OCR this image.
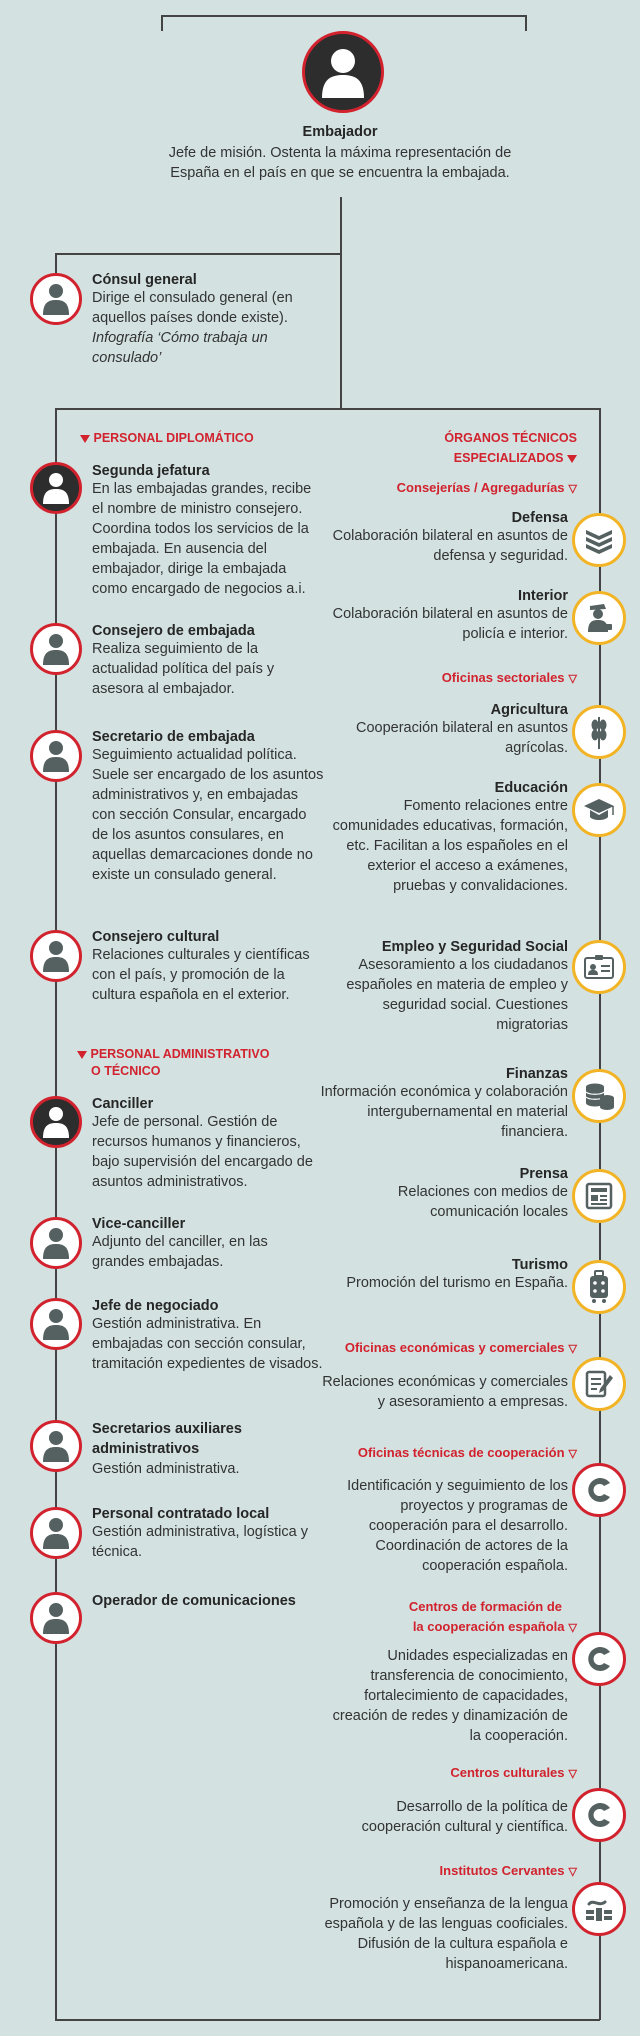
Embajador
Jefe de misión. Ostenta la máxima representación de España en el país en que se encuentra la embajada.
Cónsul general
Dirige el consulado general (en aquellos países donde existe).
Infografía ‘Cómo trabaja un consulado’
PERSONAL DIPLOMÁTICO
Segunda jefatura
En las embajadas grandes, recibe el nombre de ministro consejero. Coordina todos los servicios de la embajada. En ausencia del embajador, dirige la embajada como encargado de negocios a.i.
Consejero de embajada
Realiza seguimiento de la actualidad política del país y asesora al embajador.
Secretario de embajada
Seguimiento actualidad política. Suele ser encargado de los asuntos administrativos y, en embajadas con sección Consular, encargado de los asuntos consulares, en aquellas demarcaciones donde no existe un consulado general.
Consejero cultural
Relaciones culturales y científicas con el país, y promoción de la cultura española en el exterior.
PERSONAL ADMINISTRATIVO
O TÉCNICO
Canciller
Jefe de personal. Gestión de recursos humanos y financieros, bajo supervisión del encargado de asuntos administrativos.
Vice-canciller
Adjunto del canciller, en las grandes embajadas.
Jefe de negociado
Gestión administrativa. En embajadas con sección consular, tramitación expedientes de visados.
Secretarios auxiliares administrativos
Gestión administrativa.
Personal contratado local
Gestión administrativa, logística y técnica.
Operador de comunicaciones
ÓRGANOS TÉCNICOS
ESPECIALIZADOS
Consejerías / Agregadurías ▽
Defensa
Colaboración bilateral en asuntos de defensa y seguridad.
Interior
Colaboración bilateral en asuntos de policía e interior.
Oficinas sectoriales ▽
Agricultura
Cooperación bilateral en asuntos agrícolas.
Educación
Fomento relaciones entre comunidades educativas, formación, etc. Facilitan a los españoles en el exterior el acceso a exámenes, pruebas y convalidaciones.
Empleo y Seguridad Social
Asesoramiento a los ciudadanos españoles en materia de empleo y seguridad social. Cuestiones migratorias
Finanzas
Información económica y colaboración intergubernamental en material financiera.
Prensa
Relaciones con medios de comunicación locales
Turismo
Promoción del turismo en España.
Oficinas económicas y comerciales ▽
Relaciones económicas y comerciales y asesoramiento a empresas.
Oficinas técnicas de cooperación ▽
Identificación y seguimiento de los proyectos y programas de cooperación para el desarrollo. Coordinación de actores de la cooperación española.
Centros de formación de
la cooperación española ▽
Unidades especializadas en transferencia de conocimiento, fortalecimiento de capacidades, creación de redes y dinamización de la cooperación.
Centros culturales ▽
Desarrollo de la política de cooperación cultural y científica.
Institutos Cervantes ▽
Promoción y enseñanza de la lengua española y de las lenguas cooficiales. Difusión de la cultura española e hispanoamericana.
